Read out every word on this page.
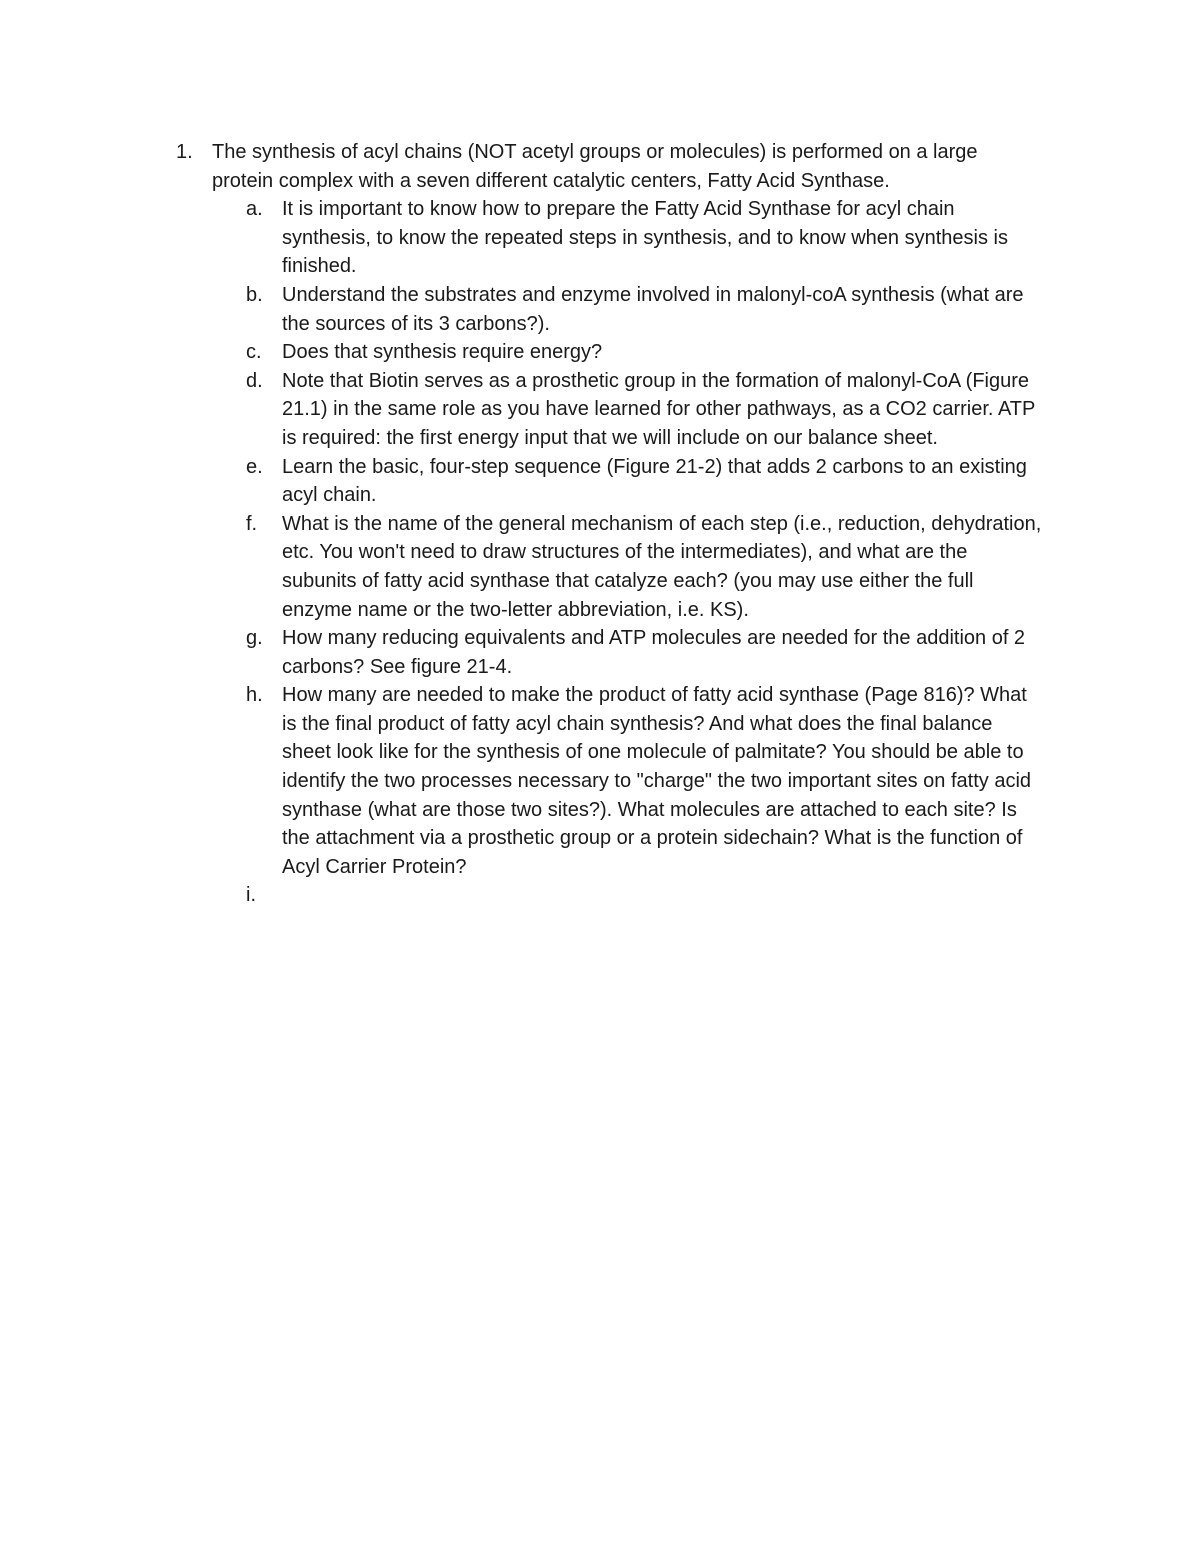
1. The synthesis of acyl chains (NOT acetyl groups or molecules) is performed on a large protein complex with a seven different catalytic centers, Fatty Acid Synthase.
a. It is important to know how to prepare the Fatty Acid Synthase for acyl chain synthesis, to know the repeated steps in synthesis, and to know when synthesis is finished.
b. Understand the substrates and enzyme involved in malonyl-coA synthesis (what are the sources of its 3 carbons?).
c. Does that synthesis require energy?
d. Note that Biotin serves as a prosthetic group in the formation of malonyl-CoA (Figure 21.1) in the same role as you have learned for other pathways, as a CO2 carrier. ATP is required: the first energy input that we will include on our balance sheet.
e. Learn the basic, four-step sequence (Figure 21-2) that adds 2 carbons to an existing acyl chain.
f. What is the name of the general mechanism of each step (i.e., reduction, dehydration, etc. You won't need to draw structures of the intermediates), and what are the subunits of fatty acid synthase that catalyze each? (you may use either the full enzyme name or the two-letter abbreviation, i.e. KS).
g. How many reducing equivalents and ATP molecules are needed for the addition of 2 carbons? See figure 21-4.
h. How many are needed to make the product of fatty acid synthase (Page 816)? What is the final product of fatty acyl chain synthesis? And what does the final balance sheet look like for the synthesis of one molecule of palmitate? You should be able to identify the two processes necessary to "charge" the two important sites on fatty acid synthase (what are those two sites?). What molecules are attached to each site? Is the attachment via a prosthetic group or a protein sidechain? What is the function of Acyl Carrier Protein?
i.
